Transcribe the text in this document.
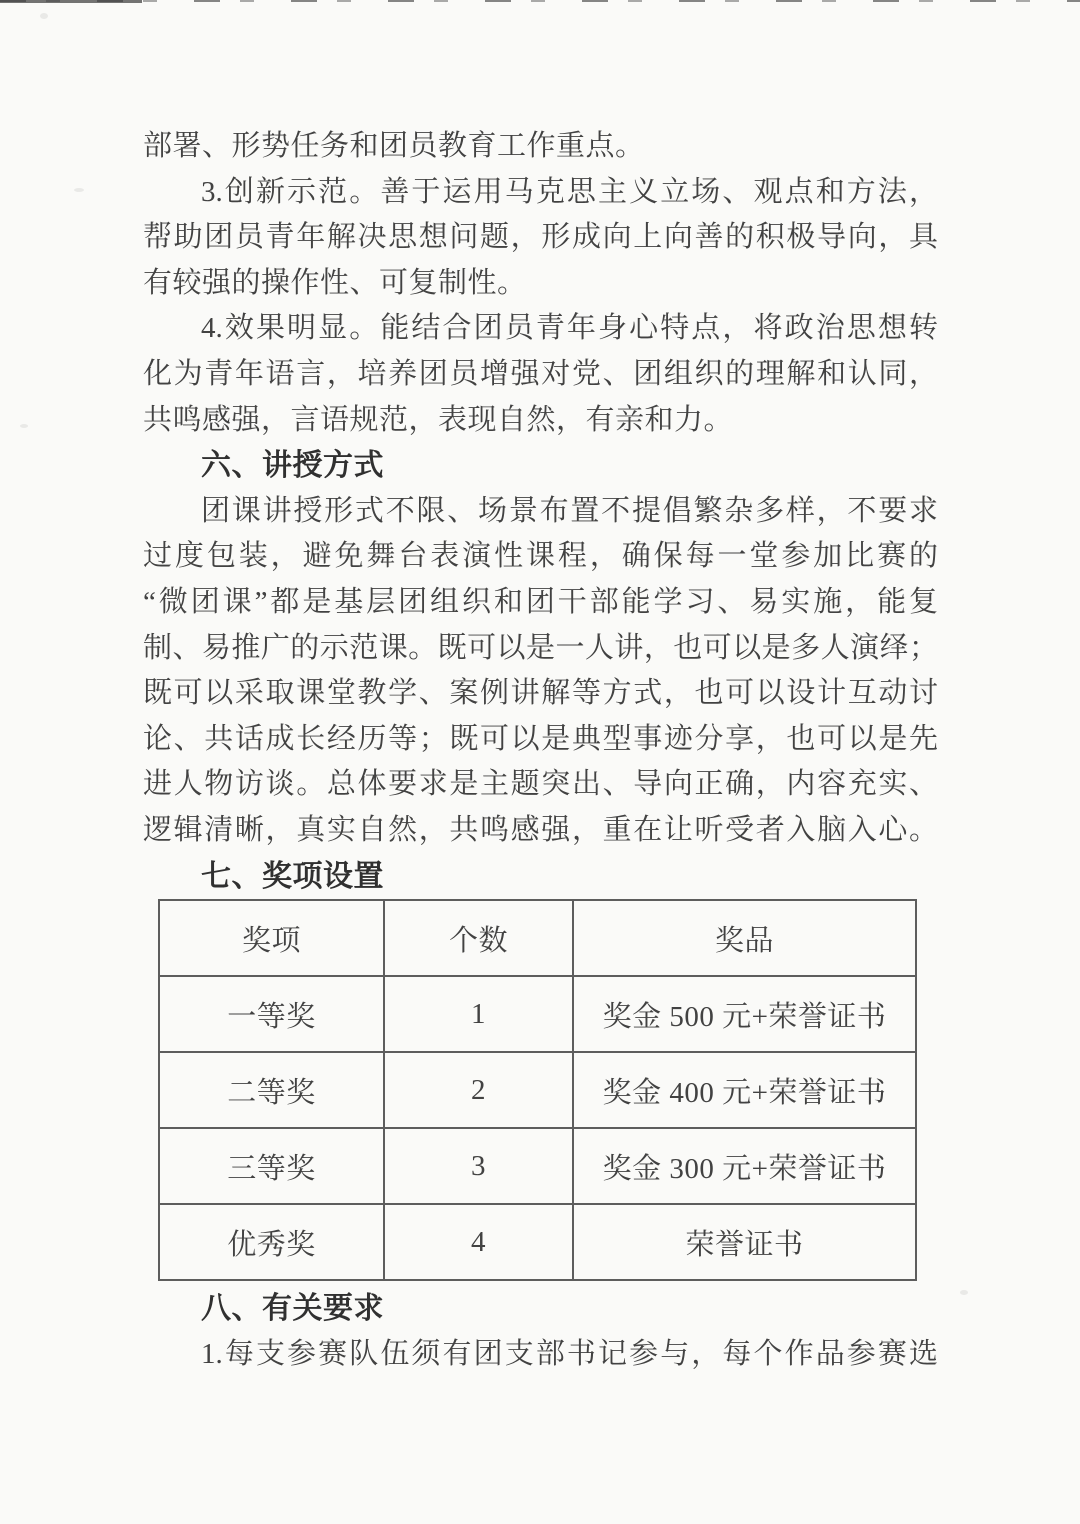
部署、形势任务和团员教育工作重点。
3.创新示范。善于运用马克思主义立场、观点和方法，
帮助团员青年解决思想问题，形成向上向善的积极导向，具
有较强的操作性、可复制性。
4.效果明显。能结合团员青年身心特点，将政治思想转
化为青年语言，培养团员增强对党、团组织的理解和认同，
共鸣感强，言语规范，表现自然，有亲和力。
六、讲授方式
团课讲授形式不限、场景布置不提倡繁杂多样，不要求
过度包装，避免舞台表演性课程，确保每一堂参加比赛的
“微团课”都是基层团组织和团干部能学习、易实施，能复
制、易推广的示范课。既可以是一人讲，也可以是多人演绎；
既可以采取课堂教学、案例讲解等方式，也可以设计互动讨
论、共话成长经历等；既可以是典型事迹分享，也可以是先
进人物访谈。总体要求是主题突出、导向正确，内容充实、
逻辑清晰，真实自然，共鸣感强，重在让听受者入脑入心。
七、奖项设置
奖项	个数	奖品
一等奖	1	奖金 500 元+荣誉证书
二等奖	2	奖金 400 元+荣誉证书
三等奖	3	奖金 300 元+荣誉证书
优秀奖	4	荣誉证书
八、有关要求
1.每支参赛队伍须有团支部书记参与，每个作品参赛选
